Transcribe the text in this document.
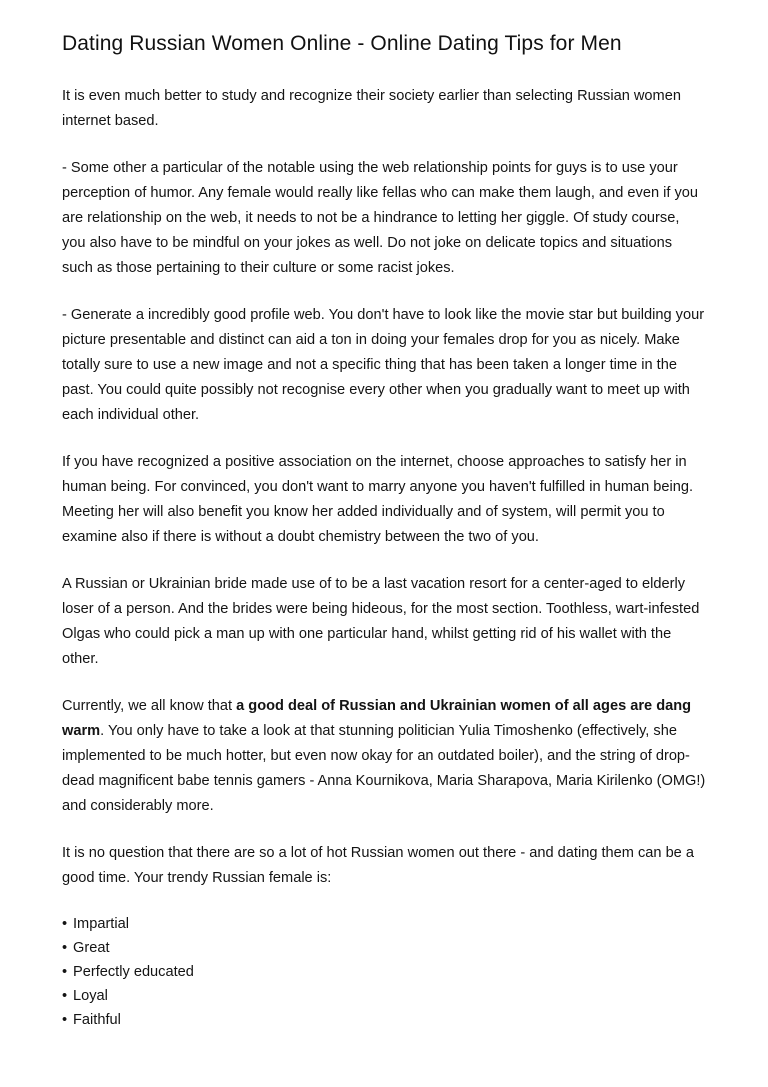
Dating Russian Women Online - Online Dating Tips for Men

It is even much better to study and recognize their society earlier than selecting Russian women internet based.

- Some other a particular of the notable using the web relationship points for guys is to use your perception of humor. Any female would really like fellas who can make them laugh, and even if you are relationship on the web, it needs to not be a hindrance to letting her giggle. Of study course, you also have to be mindful on your jokes as well. Do not joke on delicate topics and situations such as those pertaining to their culture or some racist jokes.

- Generate a incredibly good profile web. You don't have to look like the movie star but building your picture presentable and distinct can aid a ton in doing your females drop for you as nicely. Make totally sure to use a new image and not a specific thing that has been taken a longer time in the past. You could quite possibly not recognise every other when you gradually want to meet up with each individual other.

If you have recognized a positive association on the internet, choose approaches to satisfy her in human being. For convinced, you don't want to marry anyone you haven't fulfilled in human being. Meeting her will also benefit you know her added individually and of system, will permit you to examine also if there is without a doubt chemistry between the two of you.

A Russian or Ukrainian bride made use of to be a last vacation resort for a center-aged to elderly loser of a person. And the brides were being hideous, for the most section. Toothless, wart-infested Olgas who could pick a man up with one particular hand, whilst getting rid of his wallet with the other.

Currently, we all know that a good deal of Russian and Ukrainian women of all ages are dang warm. You only have to take a look at that stunning politician Yulia Timoshenko (effectively, she implemented to be much hotter, but even now okay for an outdated boiler), and the string of drop-dead magnificent babe tennis gamers - Anna Kournikova, Maria Sharapova, Maria Kirilenko (OMG!) and considerably more.

It is no question that there are so a lot of hot Russian women out there - and dating them can be a good time. Your trendy Russian female is:

• Impartial
• Great
• Perfectly educated
• Loyal
• Faithful
